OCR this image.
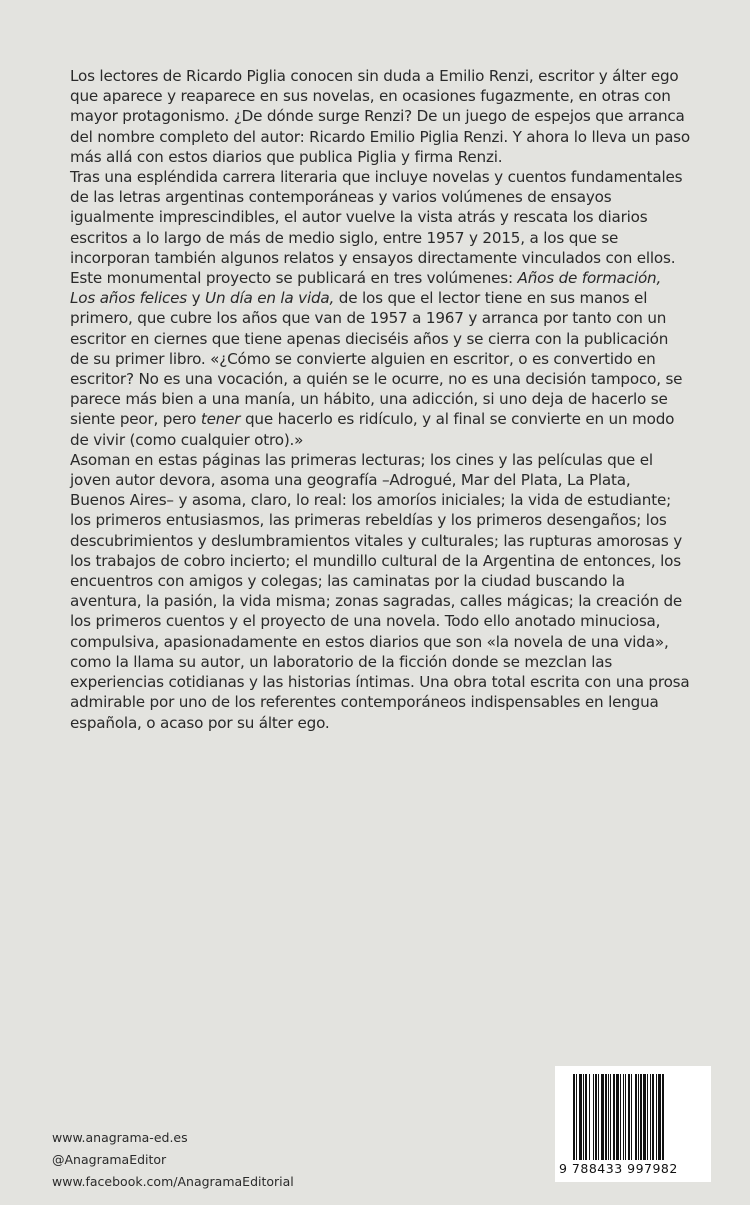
Los lectores de Ricardo Piglia conocen sin duda a Emilio Renzi, escritor y álter ego que aparece y reaparece en sus novelas, en ocasiones fugazmente, en otras con mayor protagonismo. ¿De dónde surge Renzi? De un juego de espejos que arranca del nombre completo del autor: Ricardo Emilio Piglia Renzi. Y ahora lo lleva un paso más allá con estos diarios que publica Piglia y firma Renzi.

Tras una espléndida carrera literaria que incluye novelas y cuentos fundamentales de las letras argentinas contemporáneas y varios volúmenes de ensayos igualmente imprescindibles, el autor vuelve la vista atrás y rescata los diarios escritos a lo largo de más de medio siglo, entre 1957 y 2015, a los que se incorporan también algunos relatos y ensayos directamente vinculados con ellos.

Este monumental proyecto se publicará en tres volúmenes: Años de formación, Los años felices y Un día en la vida, de los que el lector tiene en sus manos el primero, que cubre los años que van de 1957 a 1967 y arranca por tanto con un escritor en ciernes que tiene apenas dieciséis años y se cierra con la publicación de su primer libro. «¿Cómo se convierte alguien en escritor, o es convertido en escritor? No es una vocación, a quién se le ocurre, no es una decisión tampoco, se parece más bien a una manía, un hábito, una adicción, si uno deja de hacerlo se siente peor, pero tener que hacerlo es ridículo, y al final se convierte en un modo de vivir (como cualquier otro).»

Asoman en estas páginas las primeras lecturas; los cines y las películas que el joven autor devora, asoma una geografía –Adrogué, Mar del Plata, La Plata, Buenos Aires– y asoma, claro, lo real: los amoríos iniciales; la vida de estudiante; los primeros entusiasmos, las primeras rebeldías y los primeros desengaños; los descubrimientos y deslumbramientos vitales y culturales; las rupturas amorosas y los trabajos de cobro incierto; el mundillo cultural de la Argentina de entonces, los encuentros con amigos y colegas; las caminatas por la ciudad buscando la aventura, la pasión, la vida misma; zonas sagradas, calles mágicas; la creación de los primeros cuentos y el proyecto de una novela. Todo ello anotado minuciosa, compulsiva, apasionadamente en estos diarios que son «la novela de una vida», como la llama su autor, un laboratorio de la ficción donde se mezclan las experiencias cotidianas y las historias íntimas. Una obra total escrita con una prosa admirable por uno de los referentes contemporáneos indispensables en lengua española, o acaso por su álter ego.

www.anagrama-ed.es
@AnagramaEditor
www.facebook.com/AnagramaEditorial
9 788433 997982
